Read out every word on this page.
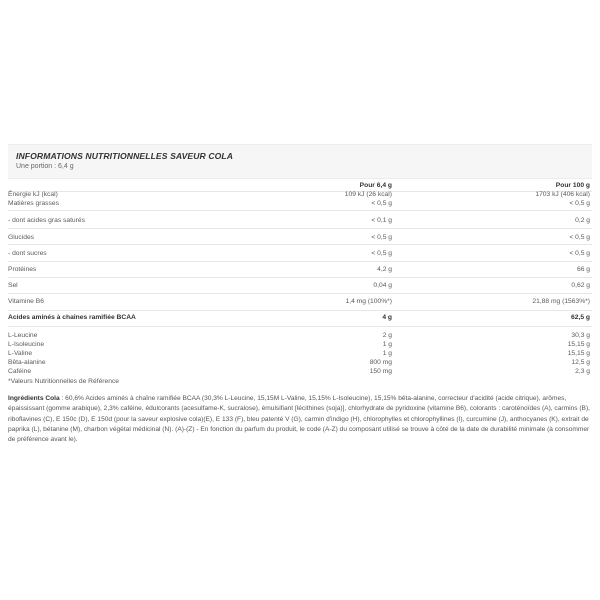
INFORMATIONS NUTRITIONNELLES SAVEUR COLA
Une portion : 6,4 g
Pour 6,4 g	Pour 100 g
Énergie kJ (kcal)	109 kJ (26 kcal)	1703 kJ (406 kcal)
Matières grasses	< 0,5 g	< 0,5 g
- dont acides gras saturés	< 0,1 g	0,2 g
Glucides	< 0,5 g	< 0,5 g
- dont sucres	< 0,5 g	< 0,5 g
Protéines	4,2 g	66 g
Sel	0,04 g	0,62 g
Vitamine B6	1,4 mg (100%*)	21,88 mg (1563%*)
Acides aminés à chaînes ramifiée BCAA	4 g	62,5 g
L-Leucine	2 g	30,3 g
L-Isoleucine	1 g	15,15 g
L-Valine	1 g	15,15 g
Bêta-alanine	800 mg	12,5 g
Caféine	150 mg	2,3 g
*Valeurs Nutritionnelles de Référence
Ingrédients Cola : 60,6% Acides aminés à chaîne ramifiée BCAA (30,3% L-Leucine, 15,15M L-Valine, 15,15% L-Isoleucine), 15,15% bêta-alanine, correcteur d'acidité (acide citrique), arômes, épaississant (gomme arabique), 2,3% caféine, édulcorants (acesulfame-K, sucralose), émulsifiant [lécithines (soja)], chlorhydrate de pyridoxine (vitamine B6), colorants : caroténoïdes (A), carmins (B), riboflavines (C), E 150c (D), E 150d (pour la saveur explosive cola)(E), E 133 (F), bleu patenté V (G), carmin d'indigo (H), chlorophylles et chlorophyllines (I), curcumine (J), anthocyanes (K), extrait de paprika (L), bétanine (M), charbon végétal médicinal (N). (A)-(Z) - En fonction du parfum du produit, le code (A-Z) du composant utilisé se trouve à côté de la date de durabilité minimale (à consommer de préférence avant le).
